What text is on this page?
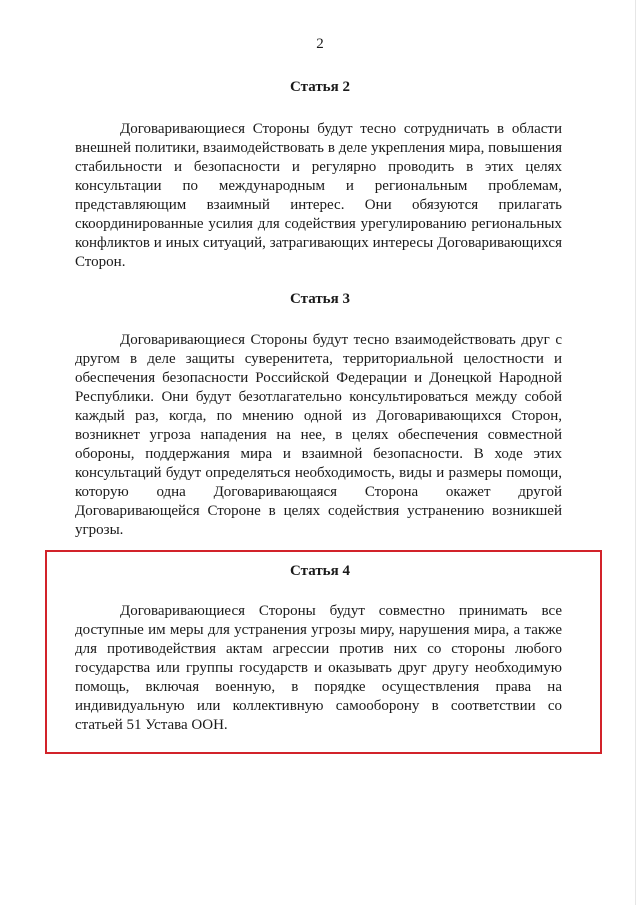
2
Статья 2

Договаривающиеся Стороны будут тесно сотрудничать в области внешней политики, взаимодействовать в деле укрепления мира, повышения стабильности и безопасности и регулярно проводить в этих целях консультации по международным и региональным проблемам, представляющим взаимный интерес. Они обязуются прилагать скоординированные усилия для содействия урегулированию региональных конфликтов и иных ситуаций, затрагивающих интересы Договаривающихся Сторон.

Статья 3

Договаривающиеся Стороны будут тесно взаимодействовать друг с другом в деле защиты суверенитета, территориальной целостности и обеспечения безопасности Российской Федерации и Донецкой Народной Республики. Они будут безотлагательно консультироваться между собой каждый раз, когда, по мнению одной из Договаривающихся Сторон, возникнет угроза нападения на нее, в целях обеспечения совместной обороны, поддержания мира и взаимной безопасности. В ходе этих консультаций будут определяться необходимость, виды и размеры помощи, которую одна Договаривающаяся Сторона окажет другой Договаривающейся Стороне в целях содействия устранению возникшей угрозы.

Статья 4

Договаривающиеся Стороны будут совместно принимать все доступные им меры для устранения угрозы миру, нарушения мира, а также для противодействия актам агрессии против них со стороны любого государства или группы государств и оказывать друг другу необходимую помощь, включая военную, в порядке осуществления права на индивидуальную или коллективную самооборону в соответствии со статьей 51 Устава ООН.
